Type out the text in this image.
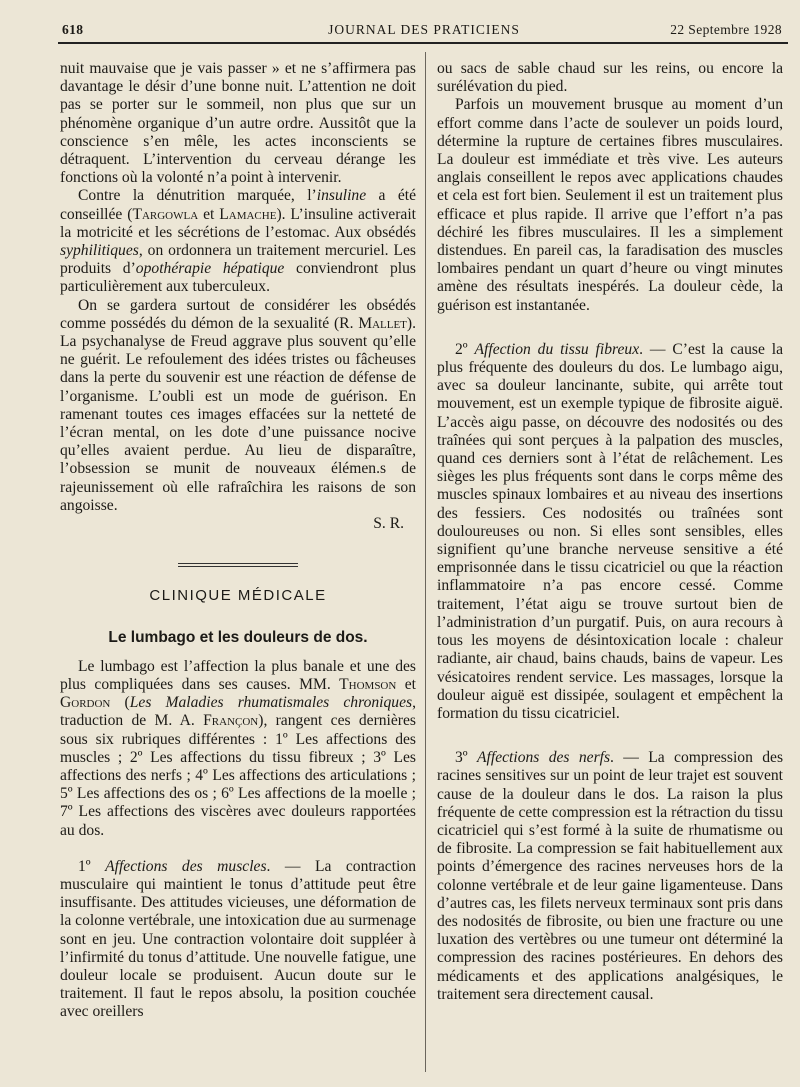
618	JOURNAL DES PRATICIENS	22 Septembre 1928

nuit mauvaise que je vais passer » et ne s’affirmera pas davantage le désir d’une bonne nuit. L’attention ne doit pas se porter sur le sommeil, non plus que sur un phénomène organique d’un autre ordre. Aussitôt que la conscience s’en mêle, les actes inconscients se détraquent. L’intervention du cerveau dérange les fonctions où la volonté n’a point à intervenir.

Contre la dénutrition marquée, l’insuline a été conseillée (Targowla et Lamache). L’insuline activerait la motricité et les sécrétions de l’estomac. Aux obsédés syphilitiques, on ordonnera un traitement mercuriel. Les produits d’opothérapie hépatique conviendront plus particulièrement aux tuberculeux.

On se gardera surtout de considérer les obsédés comme possédés du démon de la sexualité (R. Mallet). La psychanalyse de Freud aggrave plus souvent qu’elle ne guérit. Le refoulement des idées tristes ou fâcheuses dans la perte du souvenir est une réaction de défense de l’organisme. L’oubli est un mode de guérison. En ramenant toutes ces images effacées sur la netteté de l’écran mental, on les dote d’une puissance nocive qu’elles avaient perdue. Au lieu de disparaître, l’obsession se munit de nouveaux élémen.s de rajeunissement où elle rafraîchira les raisons de son angoisse.

S. R.

CLINIQUE MÉDICALE
Le lumbago et les douleurs de dos.

Le lumbago est l’affection la plus banale et une des plus compliquées dans ses causes. MM. Thomson et Gordon (Les Maladies rhumatismales chroniques, traduction de M. A. Françon), rangent ces dernières sous six rubriques différentes : 1º Les affections des muscles ; 2º Les affections du tissu fibreux ; 3º Les affections des nerfs ; 4º Les affections des articulations ; 5º Les affections des os ; 6º Les affections de la moelle ; 7º Les affections des viscères avec douleurs rapportées au dos.

1º Affections des muscles. — La contraction musculaire qui maintient le tonus d’attitude peut être insuffisante. Des attitudes vicieuses, une déformation de la colonne vertébrale, une intoxication due au surmenage sont en jeu. Une contraction volontaire doit suppléer à l’infirmité du tonus d’attitude. Une nouvelle fatigue, une douleur locale se produisent. Aucun doute sur le traitement. Il faut le repos absolu, la position couchée avec oreillers

ou sacs de sable chaud sur les reins, ou encore la surélévation du pied.

Parfois un mouvement brusque au moment d’un effort comme dans l’acte de soulever un poids lourd, détermine la rupture de certaines fibres musculaires. La douleur est immédiate et très vive. Les auteurs anglais conseillent le repos avec applications chaudes et cela est fort bien. Seulement il est un traitement plus efficace et plus rapide. Il arrive que l’effort n’a pas déchiré les fibres musculaires. Il les a simplement distendues. En pareil cas, la faradisation des muscles lombaires pendant un quart d’heure ou vingt minutes amène des résultats inespérés. La douleur cède, la guérison est instantanée.

2º Affection du tissu fibreux. — C’est la cause la plus fréquente des douleurs du dos. Le lumbago aigu, avec sa douleur lancinante, subite, qui arrête tout mouvement, est un exemple typique de fibrosite aiguë. L’accès aigu passe, on découvre des nodosités ou des traînées qui sont perçues à la palpation des muscles, quand ces derniers sont à l’état de relâchement. Les sièges les plus fréquents sont dans le corps même des muscles spinaux lombaires et au niveau des insertions des fessiers. Ces nodosités ou traînées sont douloureuses ou non. Si elles sont sensibles, elles signifient qu’une branche nerveuse sensitive a été emprisonnée dans le tissu cicatriciel ou que la réaction inflammatoire n’a pas encore cessé. Comme traitement, l’état aigu se trouve surtout bien de l’administration d’un purgatif. Puis, on aura recours à tous les moyens de désintoxication locale : chaleur radiante, air chaud, bains chauds, bains de vapeur. Les vésicatoires rendent service. Les massages, lorsque la douleur aiguë est dissipée, soulagent et empêchent la formation du tissu cicatriciel.

3º Affections des nerfs. — La compression des racines sensitives sur un point de leur trajet est souvent cause de la douleur dans le dos. La raison la plus fréquente de cette compression est la rétraction du tissu cicatriciel qui s’est formé à la suite de rhumatisme ou de fibrosite. La compression se fait habituellement aux points d’émergence des racines nerveuses hors de la colonne vertébrale et de leur gaine ligamenteuse. Dans d’autres cas, les filets nerveux terminaux sont pris dans des nodosités de fibrosite, ou bien une fracture ou une luxation des vertèbres ou une tumeur ont déterminé la compression des racines postérieures. En dehors des médicaments et des applications analgésiques, le traitement sera directement causal.
